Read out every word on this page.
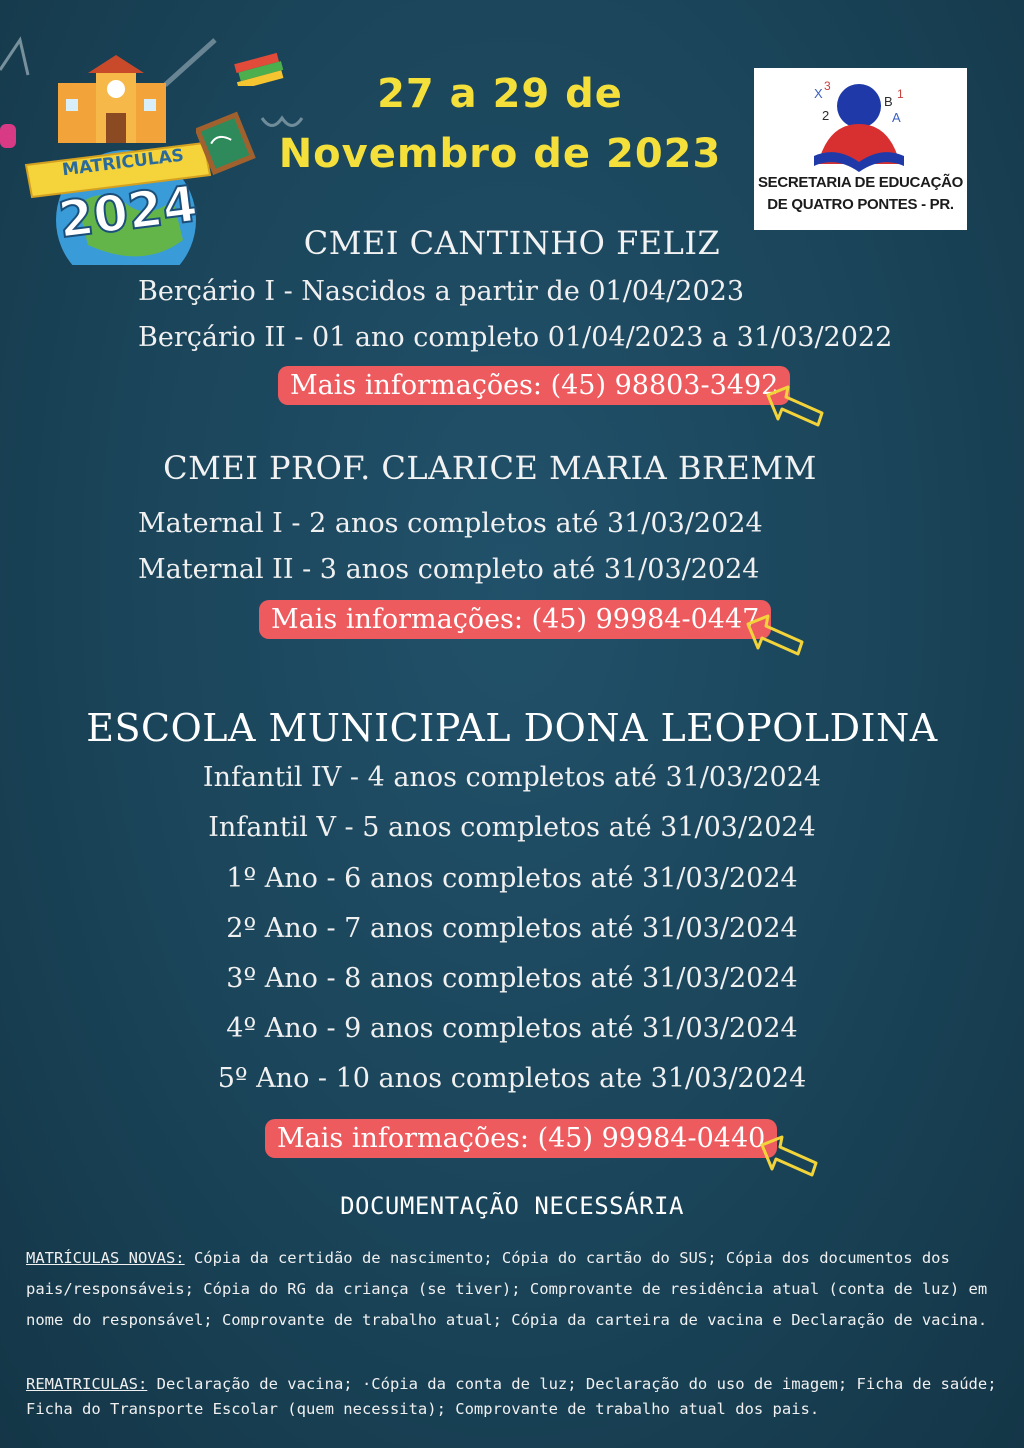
MATRICULAS
2024
27 a 29 de
Novembro de 2023
X 3
2
B 1
A
SECRETARIA DE EDUCAÇÃO
DE QUATRO PONTES - PR.
CMEI CANTINHO FELIZ
Berçário I - Nascidos a partir de 01/04/2023
Berçário II - 01 ano completo 01/04/2023 a 31/03/2022
Mais informações: (45) 98803-3492
CMEI PROF. CLARICE MARIA BREMM
Maternal I - 2 anos completos até 31/03/2024
Maternal II - 3 anos completo até 31/03/2024
Mais informações: (45) 99984-0447
ESCOLA MUNICIPAL DONA LEOPOLDINA
Infantil IV - 4 anos completos até 31/03/2024
Infantil V - 5 anos completos até 31/03/2024
1º Ano - 6 anos completos até 31/03/2024
2º Ano - 7 anos completos até 31/03/2024
3º Ano - 8 anos completos até 31/03/2024
4º Ano - 9 anos completos até 31/03/2024
5º Ano - 10 anos completos ate 31/03/2024
Mais informações: (45) 99984-0440
DOCUMENTAÇÃO NECESSÁRIA
MATRÍCULAS NOVAS: Cópia da certidão de nascimento; Cópia do cartão do SUS; Cópia dos documentos dos pais/responsáveis; Cópia do RG da criança (se tiver); Comprovante de residência atual (conta de luz) em nome do responsável; Comprovante de trabalho atual; Cópia da carteira de vacina e Declaração de vacina.
REMATRICULAS: Declaração de vacina; ·Cópia da conta de luz; Declaração do uso de imagem; Ficha de saúde; Ficha do Transporte Escolar (quem necessita); Comprovante de trabalho atual dos pais.
